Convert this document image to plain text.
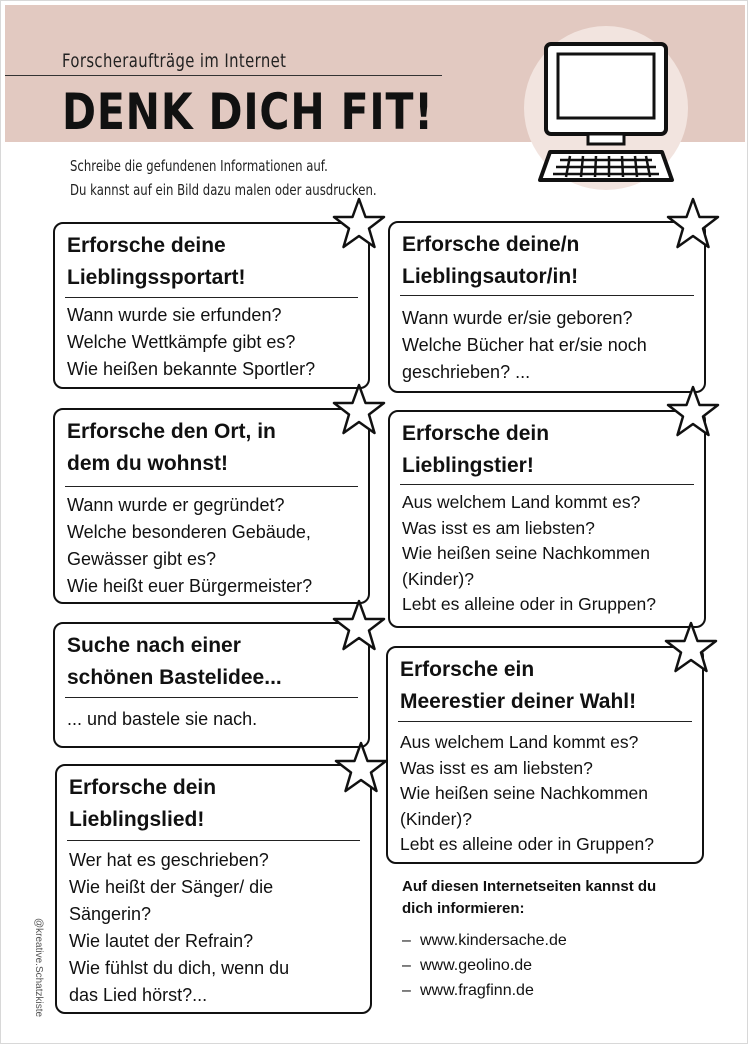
Forscheraufträge im Internet
DENK DICH FIT!
Schreibe die gefundenen Informationen auf.
Du kannst auf ein Bild dazu malen oder ausdrucken.
Erforsche deine
Lieblingssportart!
Wann wurde sie erfunden?
Welche Wettkämpfe gibt es?
Wie heißen bekannte Sportler?
Erforsche den Ort, in
dem du wohnst!
Wann wurde er gegründet?
Welche besonderen Gebäude,
Gewässer gibt es?
Wie heißt euer Bürgermeister?
Suche nach einer
schönen Bastelidee...
... und bastele sie nach.
Erforsche dein
Lieblingslied!
Wer hat es geschrieben?
Wie heißt der Sänger/ die
Sängerin?
Wie lautet der Refrain?
Wie fühlst du dich, wenn du
das Lied hörst?...
Erforsche deine/n
Lieblingsautor/in!
Wann wurde er/sie geboren?
Welche Bücher hat er/sie noch
geschrieben? ...
Erforsche dein
Lieblingstier!
Aus welchem Land kommt es?
Was isst es am liebsten?
Wie heißen seine Nachkommen
(Kinder)?
Lebt es alleine oder in Gruppen?
Erforsche ein
Meerestier deiner Wahl!
Aus welchem Land kommt es?
Was isst es am liebsten?
Wie heißen seine Nachkommen
(Kinder)?
Lebt es alleine oder in Gruppen?
Auf diesen Internetseiten kannst du
dich informieren:
– www.kindersache.de
– www.geolino.de
– www.fragfinn.de
@kreative.Schatzkiste
